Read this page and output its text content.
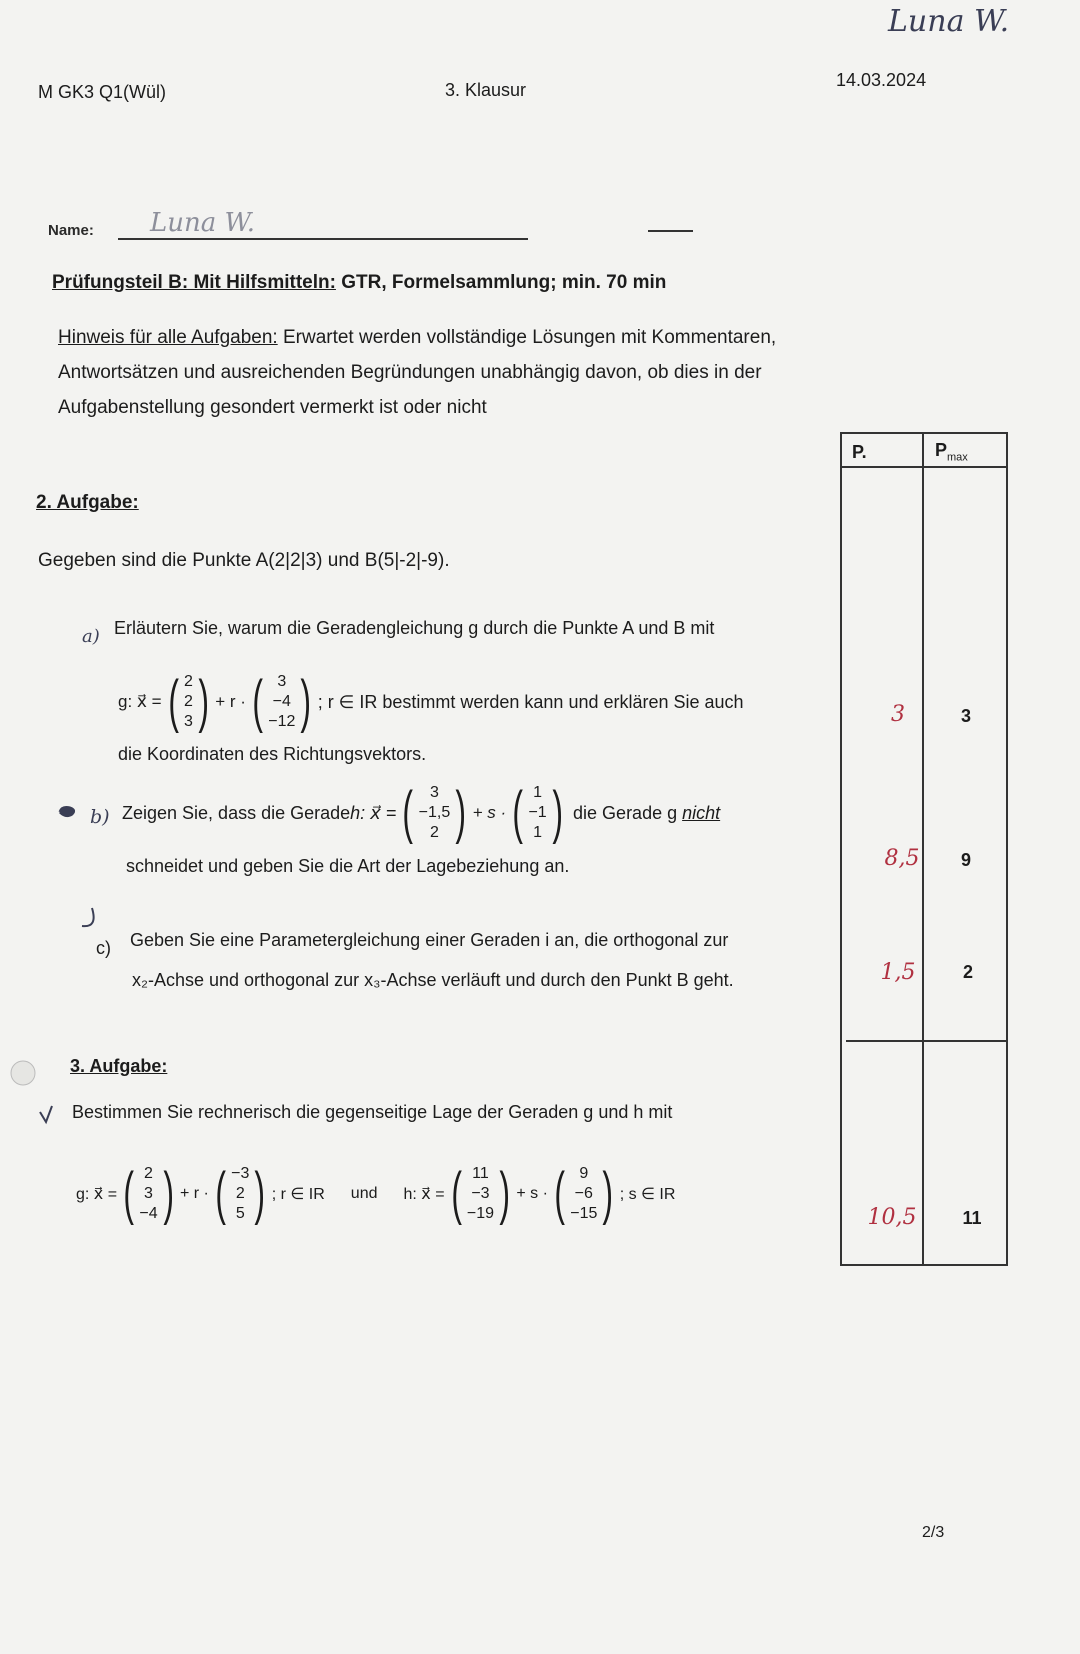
Luna W.
M GK3 Q1(Wül)	3. Klausur	14.03.2024
Name: Luna W.
Prüfungsteil B: Mit Hilfsmitteln: GTR, Formelsammlung; min. 70 min
Hinweis für alle Aufgaben: Erwartet werden vollständige Lösungen mit Kommentaren,
Antwortsätzen und ausreichenden Begründungen unabhängig davon, ob dies in der
Aufgabenstellung gesondert vermerkt ist oder nicht
P.	$P_{max}$
3	3
8,5	9
1,5	2
10,5	11
2. Aufgabe:
Gegeben sind die Punkte A(2|2|3) und B(5|-2|-9).
a) Erläutern Sie, warum die Geradengleichung g durch die Punkte A und B mit
g: x⃗ = ( 2
2
3 ) + r · ( 3
−4
−12 ) ; r ∈ IR bestimmt werden kann und erklären Sie auch
die Koordinaten des Richtungsvektors.
b) Zeigen Sie, dass die Gerade h: x⃗ = (	3
−1,5
2 ) + s · ( 1
−1
1 ) die Gerade g nicht
schneidet und geben Sie die Art der Lagebeziehung an.
c) Geben Sie eine Parametergleichung einer Geraden i an, die orthogonal zur
x₂-Achse und orthogonal zur x₃-Achse verläuft und durch den Punkt B geht.
3. Aufgabe:
Bestimmen Sie rechnerisch die gegenseitige Lage der Geraden g und h mit
g: x⃗ = ( 2
3
−4 ) + r · ( −3
2
5 ) ; r ∈ IR und h: x⃗ = ( 11
−3
−19 ) + s · ( 9
−6
−15 ) ; s ∈ IR
2/3
